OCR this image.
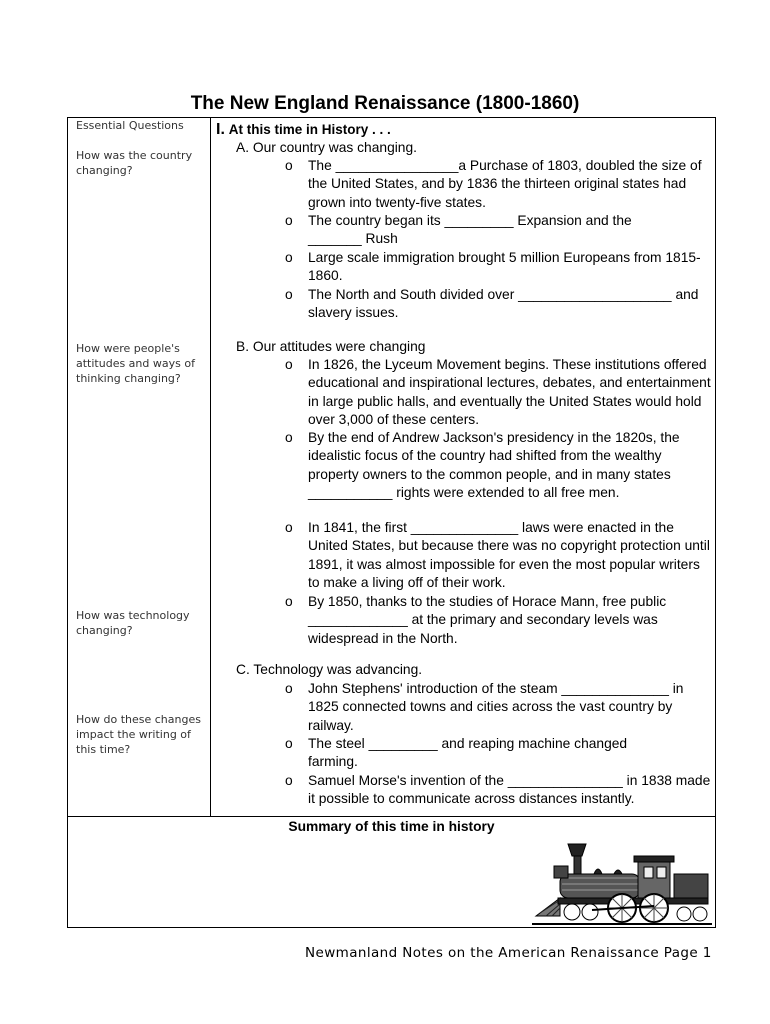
The New England Renaissance (1800-1860)
Essential Questions
How was the country changing?
How were people's attitudes and ways of thinking changing?
How was technology changing?
How do these changes impact the writing of this time?
I. At this time in History . . .
A. Our country was changing.
o The ________________a Purchase of 1803, doubled the size of the United States, and by 1836 the thirteen original states had grown into twenty-five states.
o The country began its _________ Expansion and the _______ Rush
o Large scale immigration brought 5 million Europeans from 1815-1860.
o The North and South divided over ____________________ and slavery issues.
B. Our attitudes were changing
o In 1826, the Lyceum Movement begins. These institutions offered educational and inspirational lectures, debates, and entertainment in large public halls, and eventually the United States would hold over 3,000 of these centers.
o By the end of Andrew Jackson's presidency in the 1820s, the idealistic focus of the country had shifted from the wealthy property owners to the common people, and in many states ___________ rights were extended to all free men.
o In 1841, the first ______________ laws were enacted in the United States, but because there was no copyright protection until 1891, it was almost impossible for even the most popular writers to make a living off of their work.
o By 1850, thanks to the studies of Horace Mann, free public _____________ at the primary and secondary levels was widespread in the North.
C. Technology was advancing.
o John Stephens' introduction of the steam ______________ in 1825 connected towns and cities across the vast country by railway.
o The steel _________ and reaping machine changed farming.
o Samuel Morse's invention of the _______________ in 1838 made it possible to communicate across distances instantly.
Summary of this time in history
Newmanland Notes on the American Renaissance Page 1
